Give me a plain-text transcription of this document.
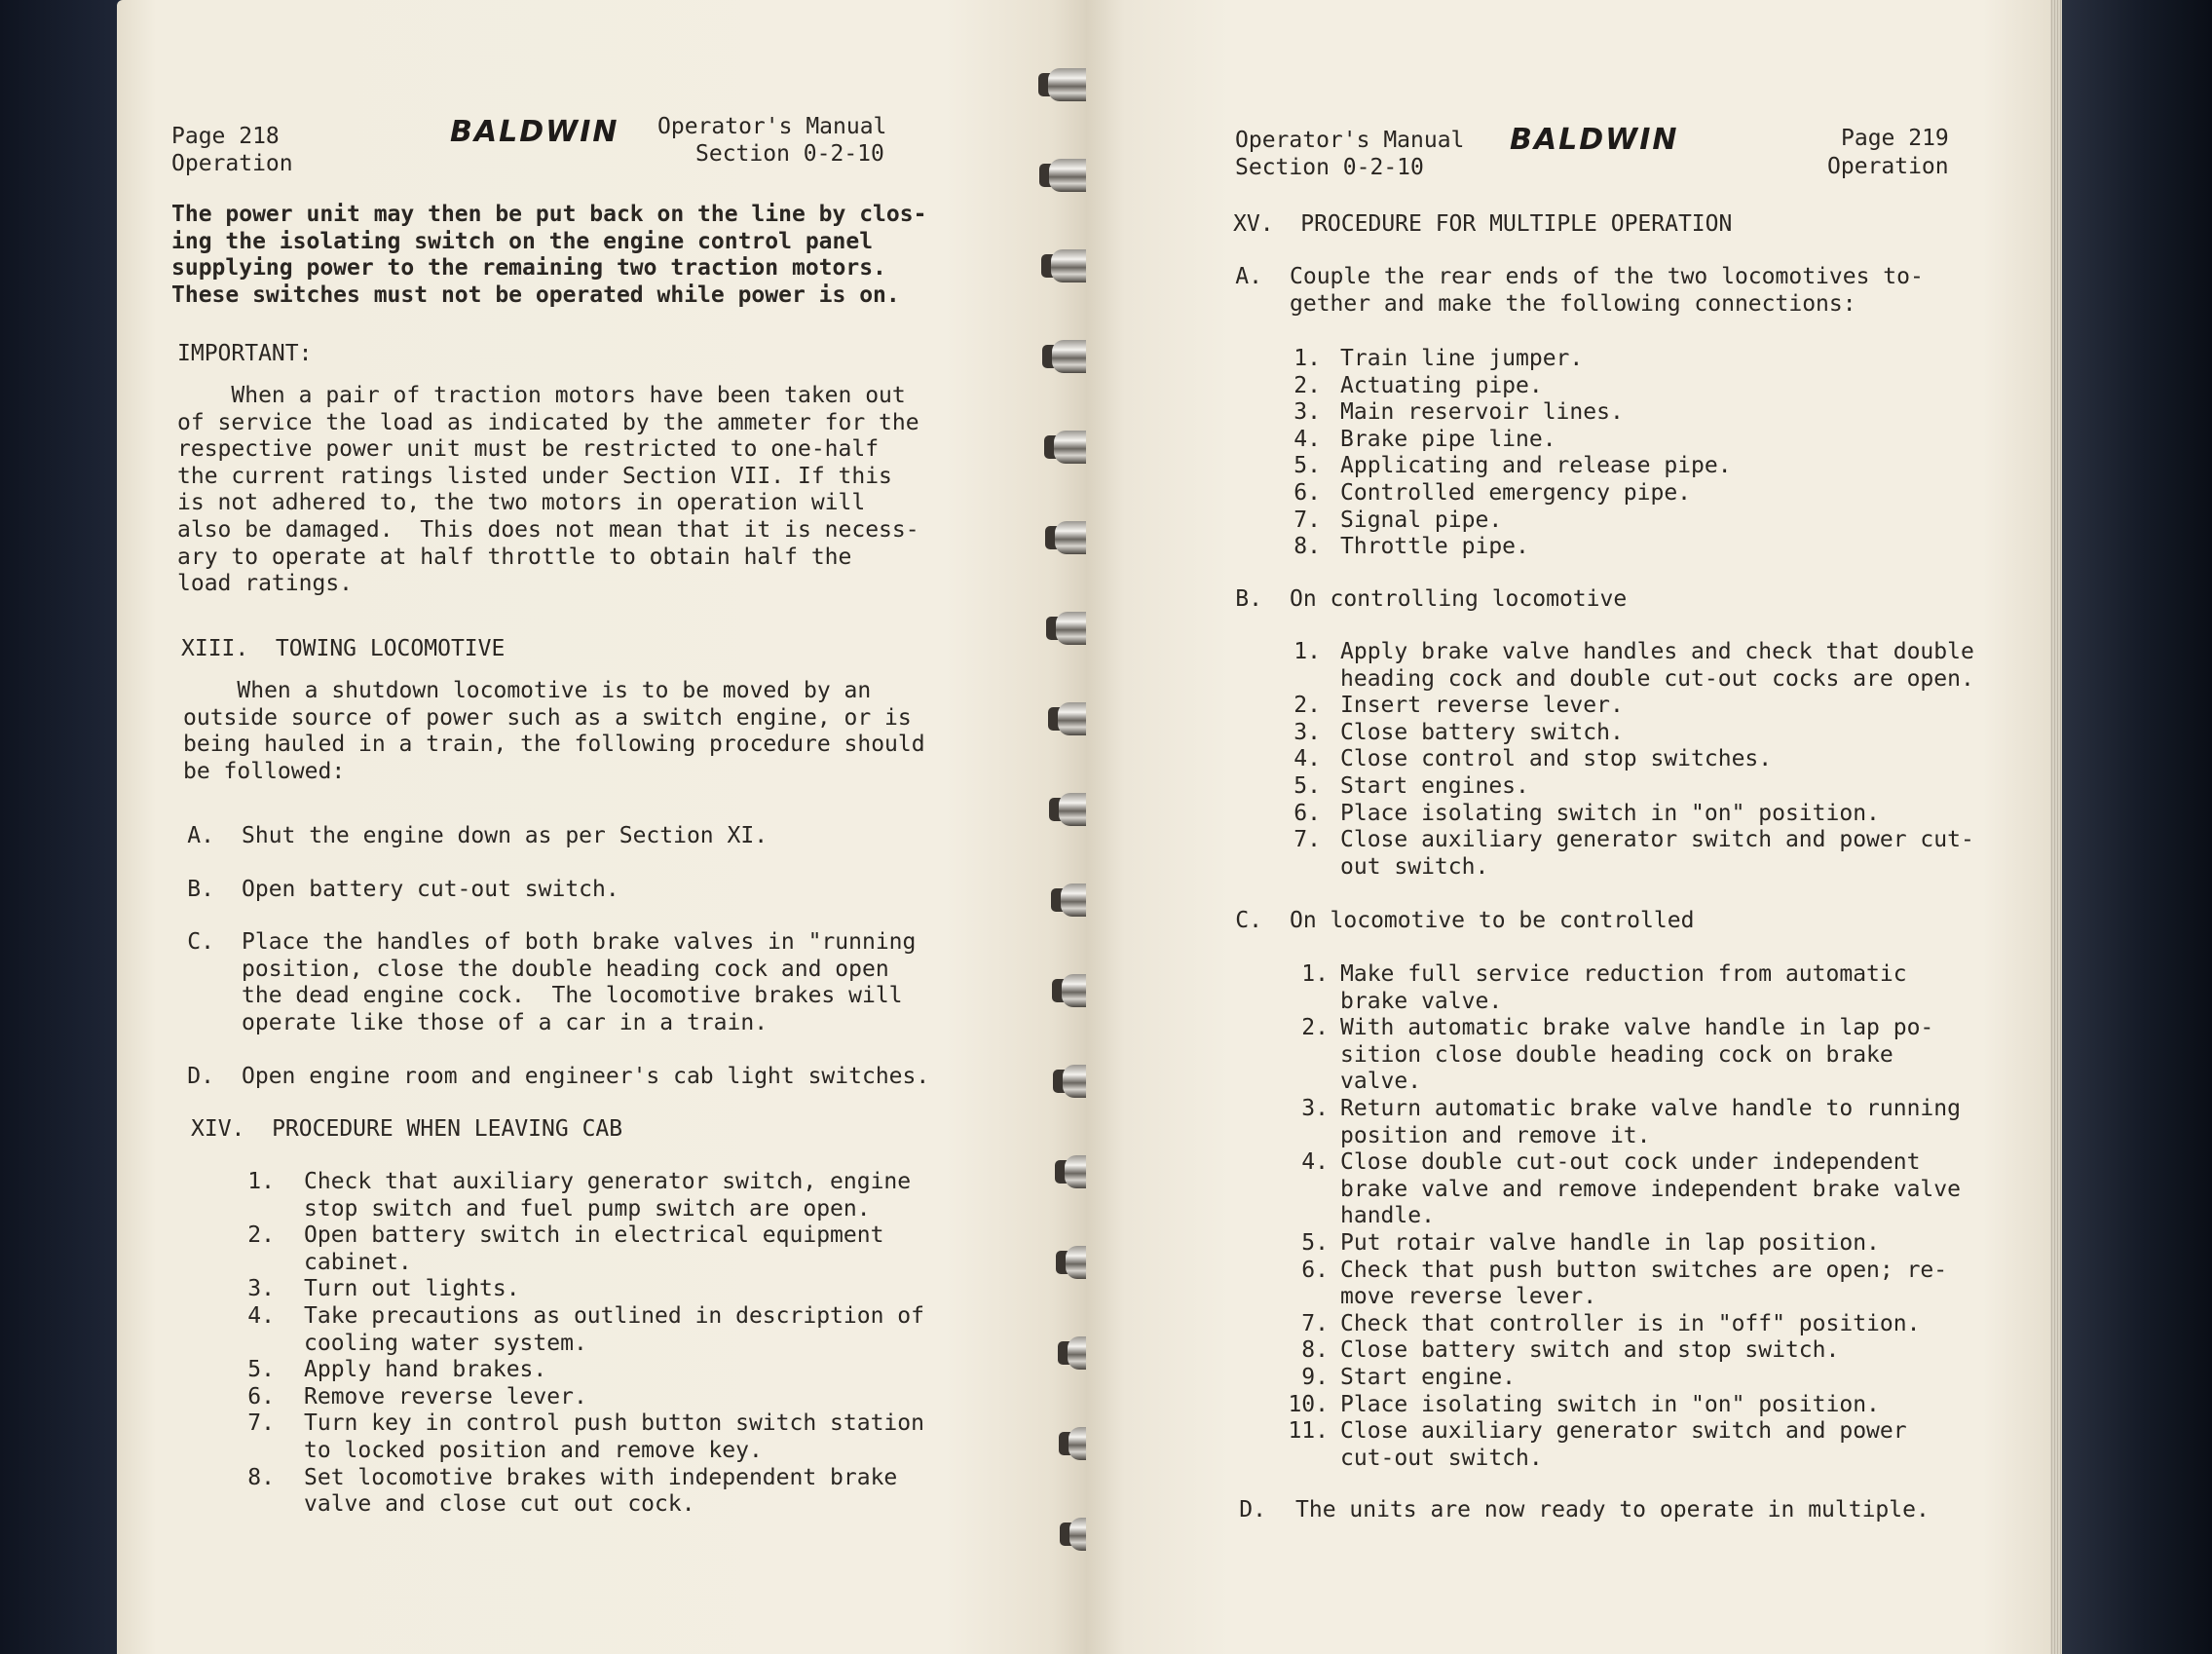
Page 218
Operation
BALDWIN Operator's Manual
Section 0-2-10
The power unit may then be put back on the line by clos-
ing the isolating switch on the engine control panel
supplying power to the remaining two traction motors.
These switches must not be operated while power is on.
IMPORTANT:
When a pair of traction motors have been taken out
of service the load as indicated by the ammeter for the
respective power unit must be restricted to one-half
the current ratings listed under Section VII. If this
is not adhered to, the two motors in operation will
also be damaged.  This does not mean that it is necess-
ary to operate at half throttle to obtain half the
load ratings.
XIII.  TOWING LOCOMOTIVE
When a shutdown locomotive is to be moved by an
outside source of power such as a switch engine, or is
being hauled in a train, the following procedure should
be followed:
A. Shut the engine down as per Section XI.
B. Open battery cut-out switch.
C. Place the handles of both brake valves in "running
position, close the double heading cock and open
the dead engine cock.  The locomotive brakes will
operate like those of a car in a train.
D. Open engine room and engineer's cab light switches.
XIV.  PROCEDURE WHEN LEAVING CAB
1. Check that auxiliary generator switch, engine
stop switch and fuel pump switch are open.
2. Open battery switch in electrical equipment
cabinet.
3. Turn out lights.
4. Take precautions as outlined in description of
cooling water system.
5. Apply hand brakes.
6. Remove reverse lever.
7. Turn key in control push button switch station
to locked position and remove key.
8. Set locomotive brakes with independent brake
valve and close cut out cock.
Operator's Manual
Section 0-2-10
BALDWIN	Page 219
Operation
XV.  PROCEDURE FOR MULTIPLE OPERATION
A. Couple the rear ends of the two locomotives to-
gether and make the following connections:
1. Train line jumper.
2. Actuating pipe.
3. Main reservoir lines.
4. Brake pipe line.
5. Applicating and release pipe.
6. Controlled emergency pipe.
7. Signal pipe.
8. Throttle pipe.
B. On controlling locomotive
1. Apply brake valve handles and check that double
heading cock and double cut-out cocks are open.
2. Insert reverse lever.
3. Close battery switch.
4. Close control and stop switches.
5. Start engines.
6. Place isolating switch in "on" position.
7. Close auxiliary generator switch and power cut-
out switch.
C. On locomotive to be controlled
1. Make full service reduction from automatic
brake valve.
2. With automatic brake valve handle in lap po-
sition close double heading cock on brake
valve.
3. Return automatic brake valve handle to running
position and remove it.
4. Close double cut-out cock under independent
brake valve and remove independent brake valve
handle.
5. Put rotair valve handle in lap position.
6. Check that push button switches are open; re-
move reverse lever.
7. Check that controller is in "off" position.
8. Close battery switch and stop switch.
9. Start engine.
10. Place isolating switch in "on" position.
11. Close auxiliary generator switch and power
cut-out switch.
D. The units are now ready to operate in multiple.
